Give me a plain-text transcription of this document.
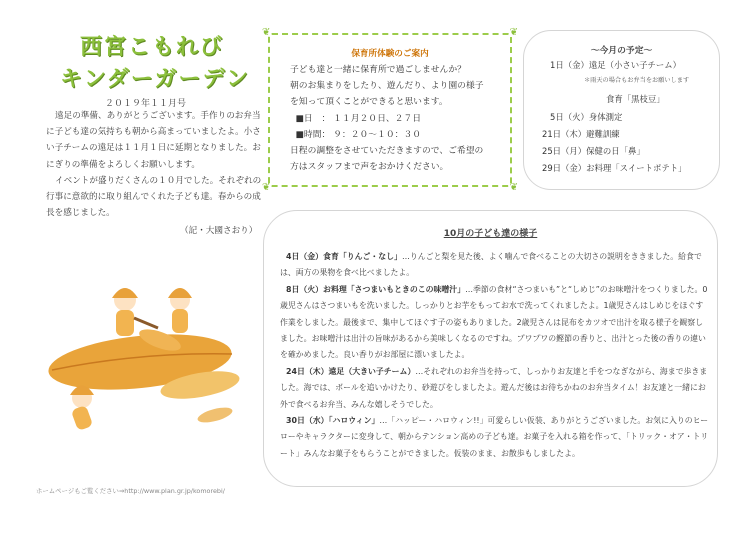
西宮こもれび
キンダーガーデン
２０１９年１１月号

遠足の準備、ありがとうございます。手作りのお弁当に子ども達の気持ちも朝から高まっていましたよ。小さい子チームの遠足は１１月１日に延期となりました。おにぎりの準備をよろしくお願いします。

イベントが盛りだくさんの１０月でした。それぞれの行事に意欲的に取り組んでくれた子ども達。春からの成長を感じました。

（記・大國さおり）
❦	❦
❦	❦
保育所体験のご案内
子ども達と一緒に保育所で過ごしませんか？
朝のお集まりをしたり、遊んだり、より園の様子
を知って頂くことができると思います。
■日　： １１月２０日、２７日
■時間： ９：２０～１０：３０
日程の調整をさせていただきますので、ご希望の
方はスタッフまで声をおかけください。
～今月の予定～
1日（金）遠足（小さい子チーム）
＊雨天の場合もお弁当をお願いします
食育「黒枝豆」
5日（火）身体測定
21日（木）避難訓練
25日（月）保健の日「鼻」
29日（金）お料理「スイートポテト」
10月の子ども達の様子

4日（金）食育「りんご・なし」…りんごと梨を見た後、よく噛んで食べることの大切さの説明をききました。給食では、両方の果物を食べ比べましたよ。

8日（火）お料理「さつまいもときのこの味噌汁」…季節の食材“さつまいも”と“しめじ”のお味噌汁をつくりました。0歳児さんはさつまいもを洗いました。しっかりとお芋をもってお水で洗ってくれましたよ。1歳児さんはしめじをほぐす作業をしました。最後まで、集中してほぐす子の姿もありました。2歳児さんは昆布をカツオで出汁を取る様子を観察しました。お味噌汁は出汁の旨味があるから美味しくなるのですね。プワプワの鰹節の香りと、出汁とった後の香りの違いを確かめました。良い香りがお部屋に漂いましたよ。

24日（木）遠足（大きい子チーム）…それぞれのお弁当を持って、しっかりお友達と手をつなぎながら、海まで歩きました。海では、ボールを追いかけたり、砂遊びをしましたよ。遊んだ後はお待ちかねのお弁当タイム！お友達と一緒にお外で食べるお弁当、みんな嬉しそうでした。

30日（水）「ハロウィン」…「ハッピー・ハロウィン!!」可愛らしい仮装、ありがとうございました。お気に入りのヒーローやキャラクターに変身して、朝からテンション高めの子ども達。お菓子を入れる箱を作って、「トリック・オア・トリート」みんなお菓子をもらうことができました。仮装のまま、お散歩もしましたよ。

ホームページもご覧ください⇒http://www.plan.gr.jp/komorebi/
